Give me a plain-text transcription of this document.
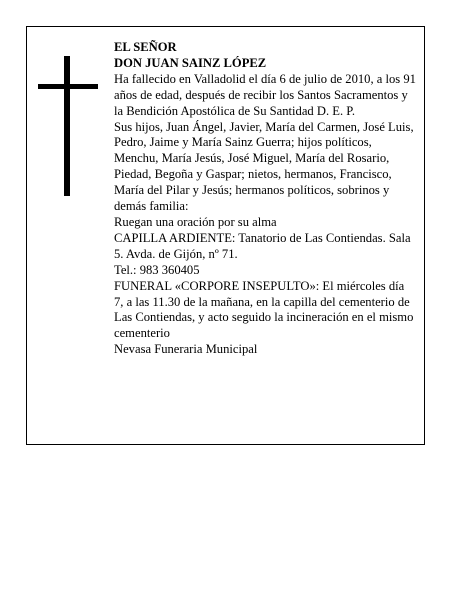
EL SEÑOR

DON JUAN SAINZ LÓPEZ

Ha fallecido en Valladolid el día 6 de julio de 2010, a los 91 años de edad, después de recibir los Santos Sacramentos y la Bendición Apostólica de Su Santidad D. E. P.

Sus hijos, Juan Ángel, Javier, María del Carmen, José Luis, Pedro, Jaime y María Sainz Guerra; hijos políticos, Menchu, María Jesús, José Miguel, María del Rosario, Piedad, Begoña y Gaspar; nietos, hermanos, Francisco, María del Pilar y Jesús; hermanos políticos, sobrinos y demás familia:

Ruegan una oración por su alma

CAPILLA ARDIENTE: Tanatorio de Las Contiendas. Sala 5. Avda. de Gijón, nº 71.

Tel.: 983 360405

FUNERAL «CORPORE INSEPULTO»: El miércoles día 7, a las 11.30 de la mañana, en la capilla del cementerio de Las Contiendas, y acto seguido la incineración en el mismo cementerio

Nevasa Funeraria Municipal
